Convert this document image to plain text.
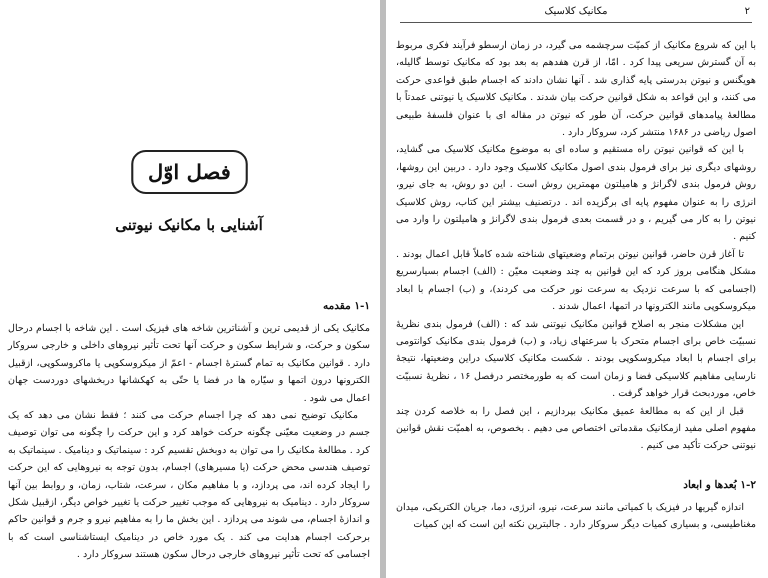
فصل اوّل
آشنایی با مکانیک نیوتنی
۱-۱ مقدمه

مکانیک یکی از قدیمی ترین و آشناترین شاخه های فیزیک است . این شاخه با اجسام درحال سکون و حرکت، و شرایط سکون و حرکت آنها تحت تأثیر نیروهای داخلی و خارجی سروکار دارد . قوانین مکانیک به تمام گسترهٔ اجسام - اعمّ از میکروسکوپی یا ماکروسکوپی، ازقبیل الکترونها درون اتمها و سیّاره ها در فضا یا حتّی به کهکشانها دربخشهای دوردست جهان اعمال می شود .

مکانیک توضیح نمی دهد که چرا اجسام حرکت می کنند ؛ فقط نشان می دهد که یک جسم در وضعیت معیّنی چگونه حرکت خواهد کرد و این حرکت را چگونه می توان توصیف کرد . مطالعهٔ مکانیک را می توان به دوبخش تقسیم کرد : سینماتیک و دینامیک . سینماتیک به توصیف هندسی محض حرکت (یا مسیرهای) اجسام، بدون توجه به نیروهایی که این حرکت را ایجاد کرده اند، می پردازد، و با مفاهیم مکان ، سرعت، شتاب، زمان، و روابط بین آنها سروکار دارد . دینامیک به نیروهایی که موجب تغییر حرکت یا تغییر خواص دیگر، ازقبیل شکل و اندازهٔ اجسام، می شوند می پردازد . این بخش ما را به مفاهیم نیرو و جرم و قوانین حاکم برحرکت اجسام هدایت می کند . یک مورد خاص در دینامیک ایستاشناسی است که با اجسامی که تحت تأثیر نیروهای خارجی درحال سکون هستند سروکار دارد .

۲
مکانیک کلاسیک

با این که شروع مکانیک از کمیّت سرچشمه می گیرد، در زمان ارسطو فرآیند فکری مربوط به آن گسترش سریعی پیدا کرد . امّا، از قرن هفدهم به بعد بود که مکانیک توسط گالیله، هویگنس و نیوتن بدرستی پایه گذاری شد . آنها نشان دادند که اجسام طبق قواعدی حرکت می کنند، و این قواعد به شکل قوانین حرکت بیان شدند . مکانیک کلاسیک یا نیوتنی عمدتاً با مطالعهٔ پیامدهای قوانین حرکت، آن طور که نیوتن در مقاله ای با عنوان فلسفهٔ طبیعی اصول ریاضی در ۱۶۸۶ منتشر کرد، سروکار دارد .

با این که قوانین نیوتن راه مستقیم و ساده ای به موضوع مکانیک کلاسیک می گشاید، روشهای دیگری نیز برای فرمول بندی اصول مکانیک کلاسیک وجود دارد . دربین این روشها، روش فرمول بندی لاگرانژ و هامیلتون مهمترین روش است . این دو روش، به جای نیرو، انرژی را به عنوان مفهوم پایه ای برگزیده اند . درتصنیف بیشتر این کتاب، روش کلاسیک نیوتن را به کار می گیریم ، و در قسمت بعدی فرمول بندی لاگرانژ و هامیلتون را وارد می کنیم .

تا آغاز قرن حاضر، قوانین نیوتن برتمام وضعیتهای شناخته شده کاملاً قابل اعمال بودند . مشکل هنگامی بروز کرد که این قوانین به چند وضعیت معیّن : (الف) اجسام بسیارسریع (اجسامی که با سرعت نزدیک به سرعت نور حرکت می کردند)، و (ب) اجسام با ابعاد میکروسکوپی مانند الکترونها در اتمها، اعمال شدند .

این مشکلات منجر به اصلاح قوانین مکانیک نیوتنی شد که : (الف) فرمول بندی نظریهٔ نسبیّت خاص برای اجسام متحرک با سرعتهای زیاد، و (ب) فرمول بندی مکانیک کوانتومی برای اجسام با ابعاد میکروسکوپی بودند . شکست مکانیک کلاسیک دراین وضعیتها، نتیجهٔ نارسایی مفاهیم کلاسیکی فضا و زمان است که به طورمختصر درفصل ۱۶ ، نظریهٔ نسبیّت خاص، موردبحث قرار خواهد گرفت .

قبل از این که به مطالعهٔ عمیق مکانیک بپردازیم ، این فصل را به خلاصه کردن چند مفهوم اصلی مفید ازمکانیک مقدماتی اختصاص می دهیم . بخصوص، به اهمیّت نقش قوانین نیوتنی حرکت تأکید می کنیم .

۱-۲ بُعدها و ابعاد

اندازه گیریها در فیزیک با کمیاتی مانند سرعت، نیرو، انرژی، دما، جریان الکتریکی، میدان مغناطیسی، و بسیاری کمیات دیگر سروکار دارد . جالبترین نکته این است که این کمیات
